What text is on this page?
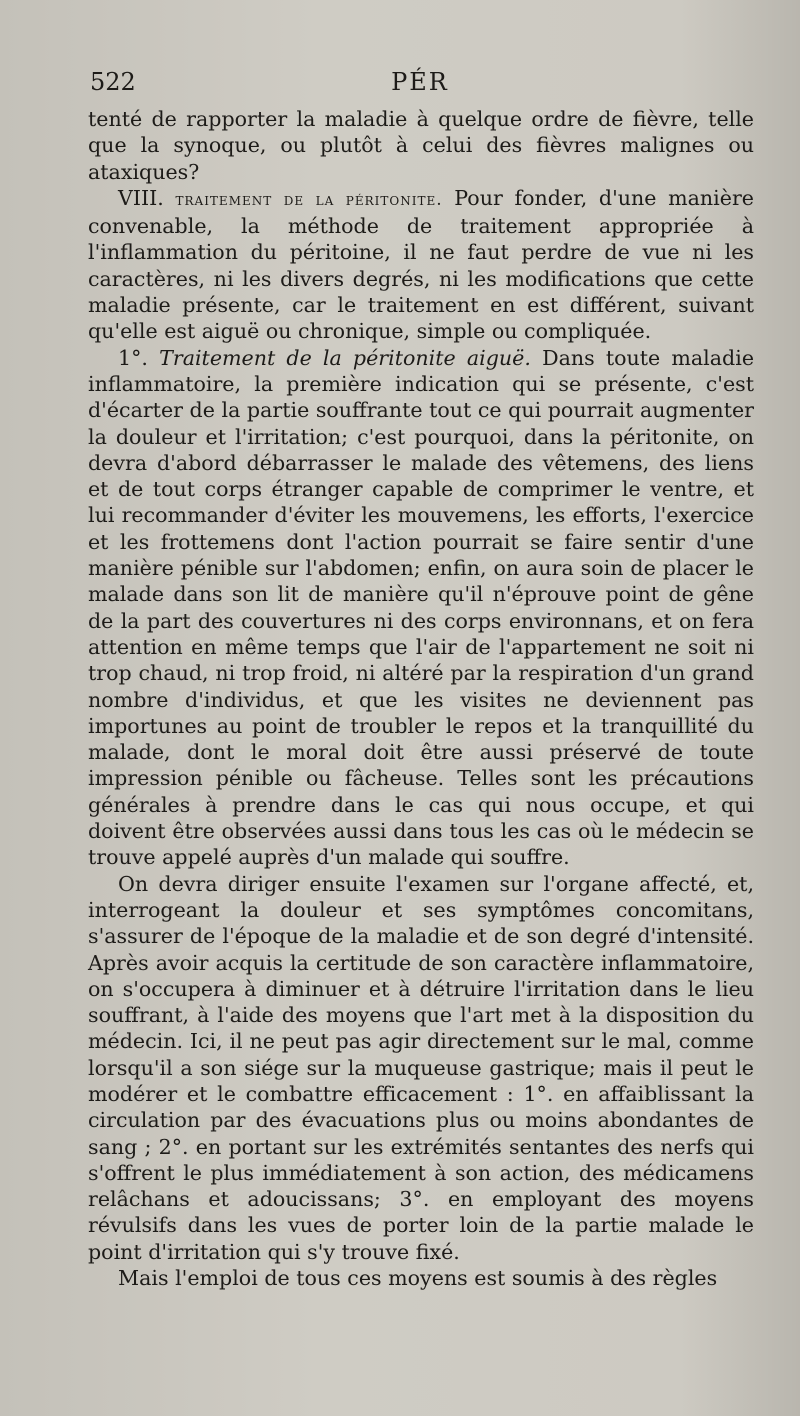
522	PÉR

tenté de rapporter la maladie à quelque ordre de fièvre, telle que la synoque, ou plutôt à celui des fièvres malignes ou ataxiques?

VIII. traitement de la péritonite. Pour fonder, d'une manière convenable, la méthode de traitement appropriée à l'inflammation du péritoine, il ne faut perdre de vue ni les caractères, ni les divers degrés, ni les modifications que cette maladie présente, car le traitement en est différent, suivant qu'elle est aiguë ou chronique, simple ou compliquée.

1°. Traitement de la péritonite aiguë. Dans toute maladie inflammatoire, la première indication qui se présente, c'est d'écarter de la partie souffrante tout ce qui pourrait augmenter la douleur et l'irritation; c'est pourquoi, dans la péritonite, on devra d'abord débarrasser le malade des vêtemens, des liens et de tout corps étranger capable de comprimer le ventre, et lui recommander d'éviter les mouvemens, les efforts, l'exercice et les frottemens dont l'action pourrait se faire sentir d'une manière pénible sur l'abdomen; enfin, on aura soin de placer le malade dans son lit de manière qu'il n'éprouve point de gêne de la part des couvertures ni des corps environnans, et on fera attention en même temps que l'air de l'appartement ne soit ni trop chaud, ni trop froid, ni altéré par la respiration d'un grand nombre d'individus, et que les visites ne deviennent pas importunes au point de troubler le repos et la tranquillité du malade, dont le moral doit être aussi préservé de toute impression pénible ou fâcheuse. Telles sont les précautions générales à prendre dans le cas qui nous occupe, et qui doivent être observées aussi dans tous les cas où le médecin se trouve appelé auprès d'un malade qui souffre.

On devra diriger ensuite l'examen sur l'organe affecté, et, interrogeant la douleur et ses symptômes concomitans, s'assurer de l'époque de la maladie et de son degré d'intensité. Après avoir acquis la certitude de son caractère inflammatoire, on s'occupera à diminuer et à détruire l'irritation dans le lieu souffrant, à l'aide des moyens que l'art met à la disposition du médecin. Ici, il ne peut pas agir directement sur le mal, comme lorsqu'il a son siége sur la muqueuse gastrique; mais il peut le modérer et le combattre efficacement : 1°. en affaiblissant la circulation par des évacuations plus ou moins abondantes de sang ; 2°. en portant sur les extrémités sentantes des nerfs qui s'offrent le plus immédiatement à son action, des médicamens relâchans et adoucissans; 3°. en employant des moyens révulsifs dans les vues de porter loin de la partie malade le point d'irritation qui s'y trouve fixé.

Mais l'emploi de tous ces moyens est soumis à des règles
